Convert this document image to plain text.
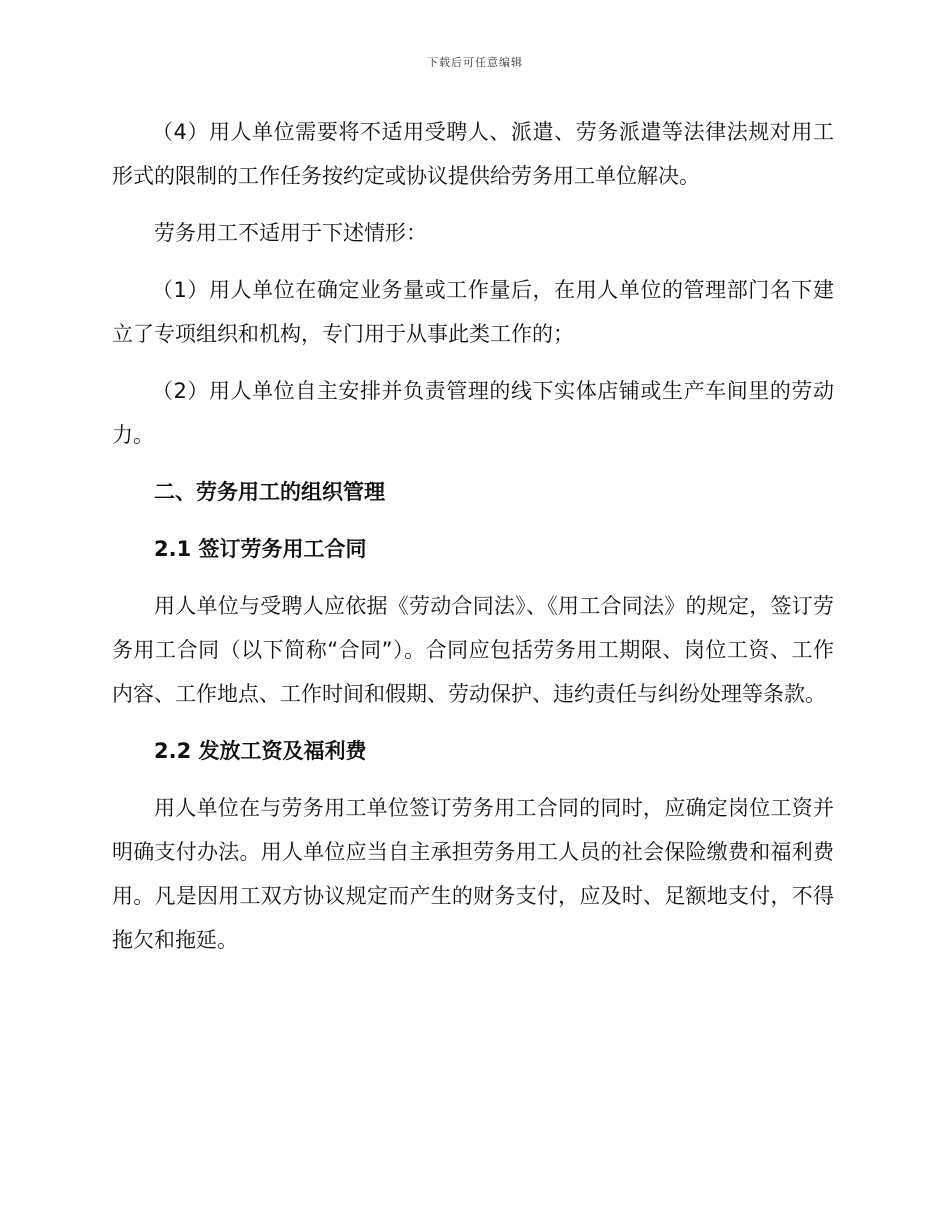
下载后可任意编辑

（4）用人单位需要将不适用受聘人、派遣、劳务派遣等法律法规对用工形式的限制的工作任务按约定或协议提供给劳务用工单位解决。

劳务用工不适用于下述情形：

（1）用人单位在确定业务量或工作量后，在用人单位的管理部门名下建立了专项组织和机构，专门用于从事此类工作的；

（2）用人单位自主安排并负责管理的线下实体店铺或生产车间里的劳动力。

二、劳务用工的组织管理
2.1 签订劳务用工合同

用人单位与受聘人应依据《劳动合同法》、《用工合同法》的规定，签订劳务用工合同（以下简称“合同”）。合同应包括劳务用工期限、岗位工资、工作内容、工作地点、工作时间和假期、劳动保护、违约责任与纠纷处理等条款。

2.2 发放工资及福利费

用人单位在与劳务用工单位签订劳务用工合同的同时，应确定岗位工资并明确支付办法。用人单位应当自主承担劳务用工人员的社会保险缴费和福利费用。凡是因用工双方协议规定而产生的财务支付，应及时、足额地支付，不得拖欠和拖延。
